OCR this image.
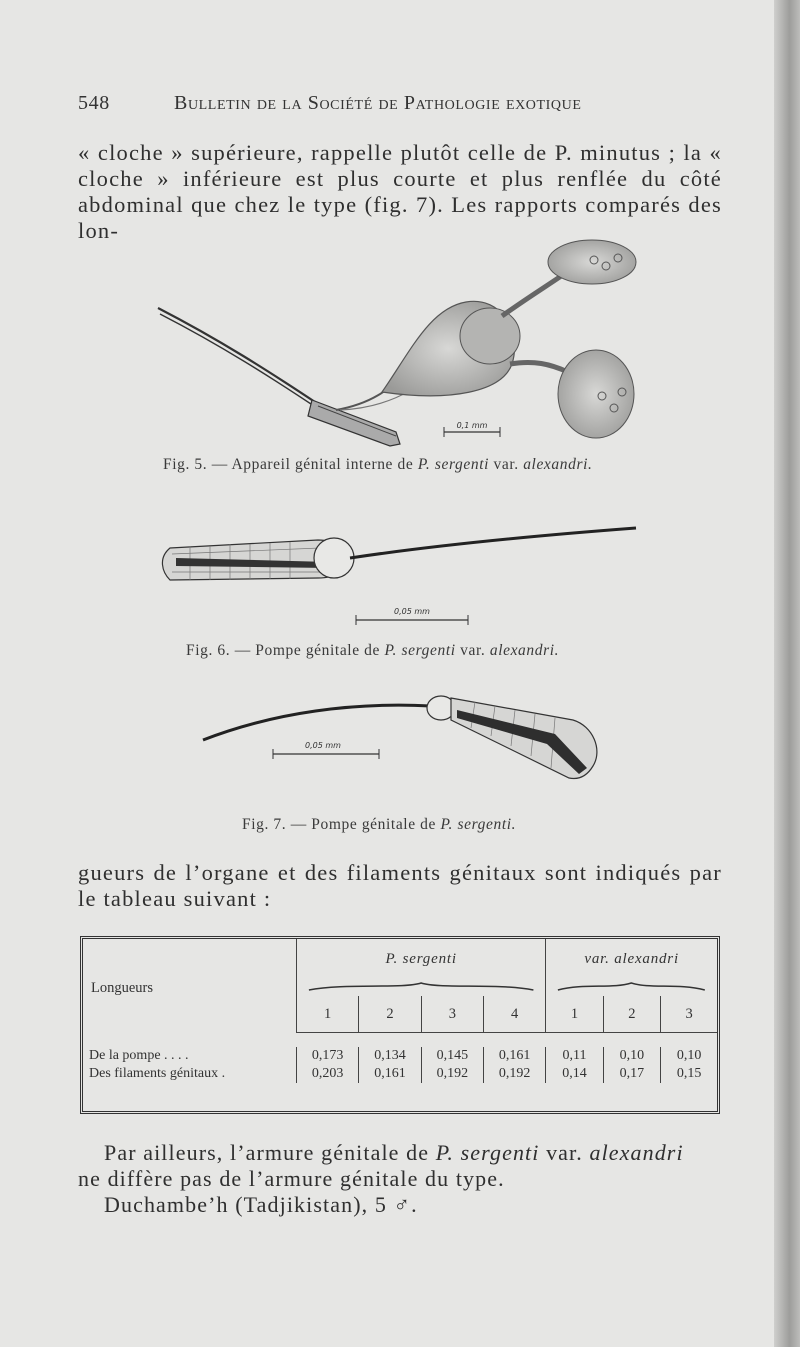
548	Bulletin de la Société de Pathologie exotique
« cloche » supérieure, rappelle plutôt celle de P. minutus ; la « cloche » inférieure est plus courte et plus renflée du côté abdominal que chez le type (fig. 7). Les rapports comparés des lon-
0,1 mm
Fig. 5. — Appareil génital interne de P. sergenti var. alexandri.
0,05 mm
Fig. 6. — Pompe génitale de P. sergenti var. alexandri.
0,05 mm
Fig. 7. — Pompe génitale de P. sergenti.
gueurs de l’organe et des filaments génitaux sont indiqués par le tableau suivant :
Longueurs	P. sergenti				var. alexandri		

	1	2	3	4	1	2	3

De la pompe . . . .	0,173	0,134	0,145	0,161	0,11	0,10	0,10
Des filaments génitaux .	0,203	0,161	0,192	0,192	0,14	0,17	0,15

Par ailleurs, l’armure génitale de P. sergenti var. alexandri
ne diffère pas de l’armure génitale du type.
Duchambe’h (Tadjikistan), 5 ♂.
